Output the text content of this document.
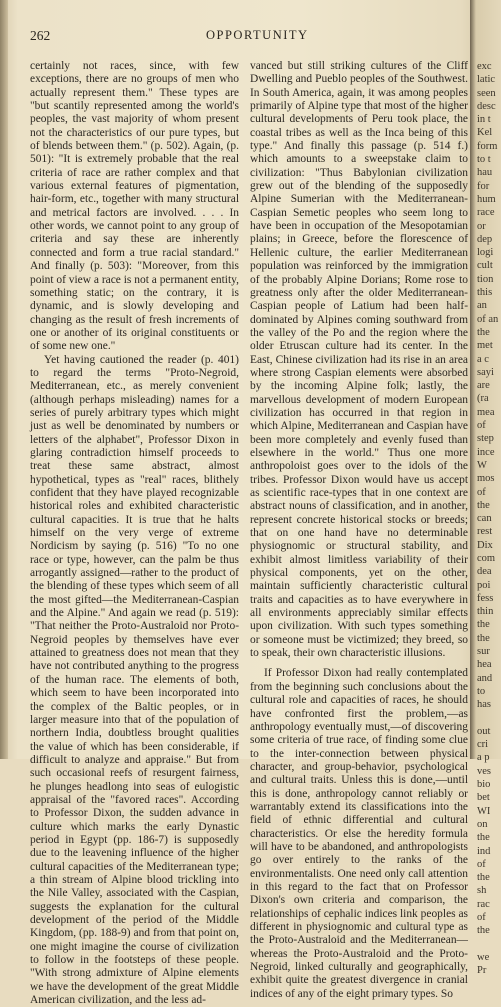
262	OPPORTUNITY

certainly not races, since, with few exceptions, there are no groups of men who actually represent them." These types are "but scantily represented among the world's peoples, the vast majority of whom present not the characteristics of our pure types, but of blends between them." (p. 502). Again, (p. 501): "It is extremely probable that the real criteria of race are rather complex and that various external features of pigmentation, hair-form, etc., together with many structural and metrical factors are involved. . . . In other words, we cannot point to any group of criteria and say these are inherently connected and form a true racial standard." And finally (p. 503): "Moreover, from this point of view a race is not a permanent entity, something static; on the contrary, it is dynamic, and is slowly developing and changing as the result of fresh increments of one or another of its original constituents or of some new one."

Yet having cautioned the reader (p. 401) to regard the terms "Proto-Negroid, Mediterranean, etc., as merely convenient (although perhaps misleading) names for a series of purely arbitrary types which might just as well be denominated by numbers or letters of the alphabet", Professor Dixon in glaring contradiction himself proceeds to treat these same abstract, almost hypothetical, types as "real" races, blithely confident that they have played recognizable historical roles and exhibited characteristic cultural capacities. It is true that he halts himself on the very verge of extreme Nordicism by saying (p. 516) "To no one race or type, however, can the palm be thus arrogantly assigned—rather to the product of the blending of these types which seem of all the most gifted—the Mediterranean-Caspian and the Alpine." And again we read (p. 519): "That neither the Proto-Australoid nor Proto-Negroid peoples by themselves have ever attained to greatness does not mean that they have not contributed anything to the progress of the human race. The elements of both, which seem to have been incorporated into the complex of the Baltic peoples, or in larger measure into that of the population of northern India, doubtless brought qualities the value of which has been considerable, if difficult to analyze and appraise." But from such occasional reefs of resurgent fairness, he plunges headlong into seas of eulogistic appraisal of the "favored races". According to Professor Dixon, the sudden advance in culture which marks the early Dynastic period in Egypt (pp. 186-7) is supposedly due to the leavening influence of the higher cultural capacities of the Mediterranean type; a thin stream of Alpine blood trickling into the Nile Valley, associated with the Caspian, suggests the explanation for the cultural development of the period of the Middle Kingdom, (pp. 188-9) and from that point on, one might imagine the course of civilization to follow in the footsteps of these people. "With strong admixture of Alpine elements we have the development of the great Middle American civilization, and the less ad-

vanced but still striking cultures of the Cliff Dwelling and Pueblo peoples of the Southwest. In South America, again, it was among peoples primarily of Alpine type that most of the higher cultural developments of Peru took place, the coastal tribes as well as the Inca being of this type." And finally this passage (p. 514 f.) which amounts to a sweepstake claim to civilization: "Thus Babylonian civilization grew out of the blending of the supposedly Alpine Sumerian with the Mediterranean-Caspian Semetic peoples who seem long to have been in occupation of the Mesopotamian plains; in Greece, before the florescence of Hellenic culture, the earlier Mediterranean population was reinforced by the immigration of the probably Alpine Dorians; Rome rose to greatness only after the older Mediterranean-Caspian people of Latium had been half-dominated by Alpines coming southward from the valley of the Po and the region where the older Etruscan culture had its center. In the East, Chinese civilization had its rise in an area where strong Caspian elements were absorbed by the incoming Alpine folk; lastly, the marvellous development of modern European civilization has occurred in that region in which Alpine, Mediterranean and Caspian have been more completely and evenly fused than elsewhere in the world." Thus one more anthropoloist goes over to the idols of the tribes. Professor Dixon would have us accept as scientific race-types that in one context are abstract nouns of classification, and in another, represent concrete historical stocks or breeds; that on one hand have no determinable physiognomic or structural stability, and exhibit almost limitless variability of their physical components, yet on the other, maintain sufficiently characteristic cultural traits and capacities as to have everywhere in all environments appreciably similar effects upon civilization. With such types something or someone must be victimized; they breed, so to speak, their own characteristic illusions.

If Professor Dixon had really contemplated from the beginning such conclusions about the cultural role and capacities of races, he should have confronted first the problem,—as anthropology eventually must,—of discovering some criteria of true race, of finding some clue to the inter-connection between physical character, and group-behavior, psychological and cultural traits. Unless this is done,—until this is done, anthropology cannot reliably or warrantably extend its classifications into the field of ethnic differential and cultural characteristics. Or else the heredity formula will have to be abandoned, and anthropologists go over entirely to the ranks of the environmentalists. One need only call attention in this regard to the fact that on Professor Dixon's own criteria and comparison, the relationships of cephalic indices link peoples as different in physiognomic and cultural type as the Proto-Australoid and the Mediterranean—whereas the Proto-Australoid and the Proto-Negroid, linked culturally and geographically, exhibit quite the greatest divergence in cranial indices of any of the eight primary types. So

exc
latic
seen
desc
in t
Kel
form
to t
hau
for
hum
race
or
dep
logi
cult
tion
this
an
of an
the
met
a c
sayi
are
(ra
mea
of
step
ince
W
mos
of
the
can
rest
Dix
com
dea
poi
fess
thin
the
the
sur
hea
and
to
has
out
cri
a p
ves
bio
bet
WI
on
the
ind
of
the
sh
rac
of
the
we
Pr
